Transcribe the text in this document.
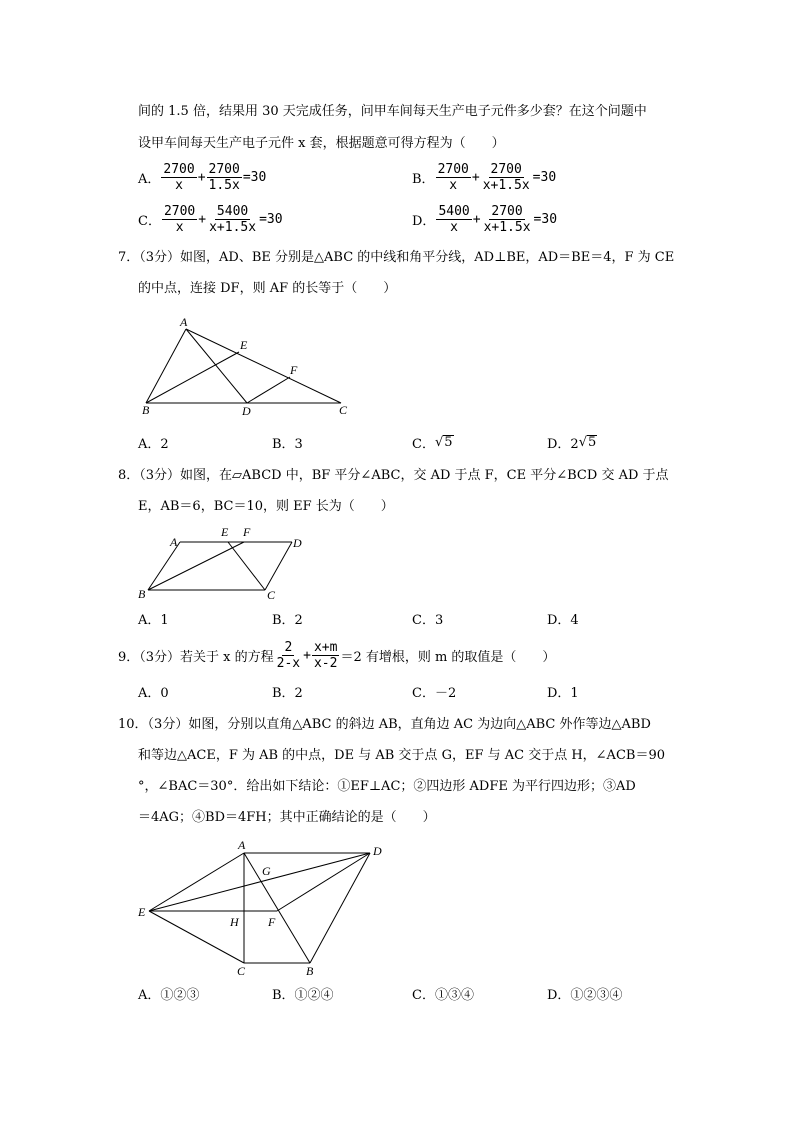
间的 1.5 倍，结果用 30 天完成任务，问甲车间每天生产电子元件多少套？在这个问题中
设甲车间每天生产电子元件 x 套，根据题意可得方程为（　　）
A． $\frac{2700}{x} + \frac{2700}{1.5x} =30$	B． $\frac{2700}{x} + \frac{2700}{x+1.5x} =30$
C． $\frac{2700}{x} + \frac{5400}{x+1.5x} =30$	D． $\frac{5400}{x} + \frac{2700}{x+1.5x} =30$
7．（3分）如图，AD、BE 分别是△ABC 的中线和角平分线，AD⊥BE，AD＝BE＝4，F 为 CE
的中点，连接 DF，则 AF 的长等于（　　）
A
B	C
D
E
F
A
B	C
D
E F
A
B
C
D
E
F
G
H
A．2	B．3	C． √ 5	D．2 √ 5
8．（3分）如图，在▱ABCD 中，BF 平分∠ABC，交 AD 于点 F，CE 平分∠BCD 交 AD 于点
E，AB＝6，BC＝10，则 EF 长为（　　）
A．1	B．2	C．3	D．4
9．（3分）若关于 x 的方程 $\frac{2}{2-x} + \frac{x+m}{x-2} =2$ 有增根，则 m 的取值是（　　）
A．0	B．2	C．－2	D．1
10．（3分）如图，分别以直角△ABC 的斜边 AB，直角边 AC 为边向△ABC 外作等边△ABD
和等边△ACE，F 为 AB 的中点，DE 与 AB 交于点 G，EF 与 AC 交于点 H，∠ACB＝90
°，∠BAC＝30°．给出如下结论：①EF⊥AC；②四边形 ADFE 为平行四边形；③AD
＝4AG；④BD＝4FH；其中正确结论的是（　　）
A．①②③	B．①②④	C．①③④	D．①②③④
